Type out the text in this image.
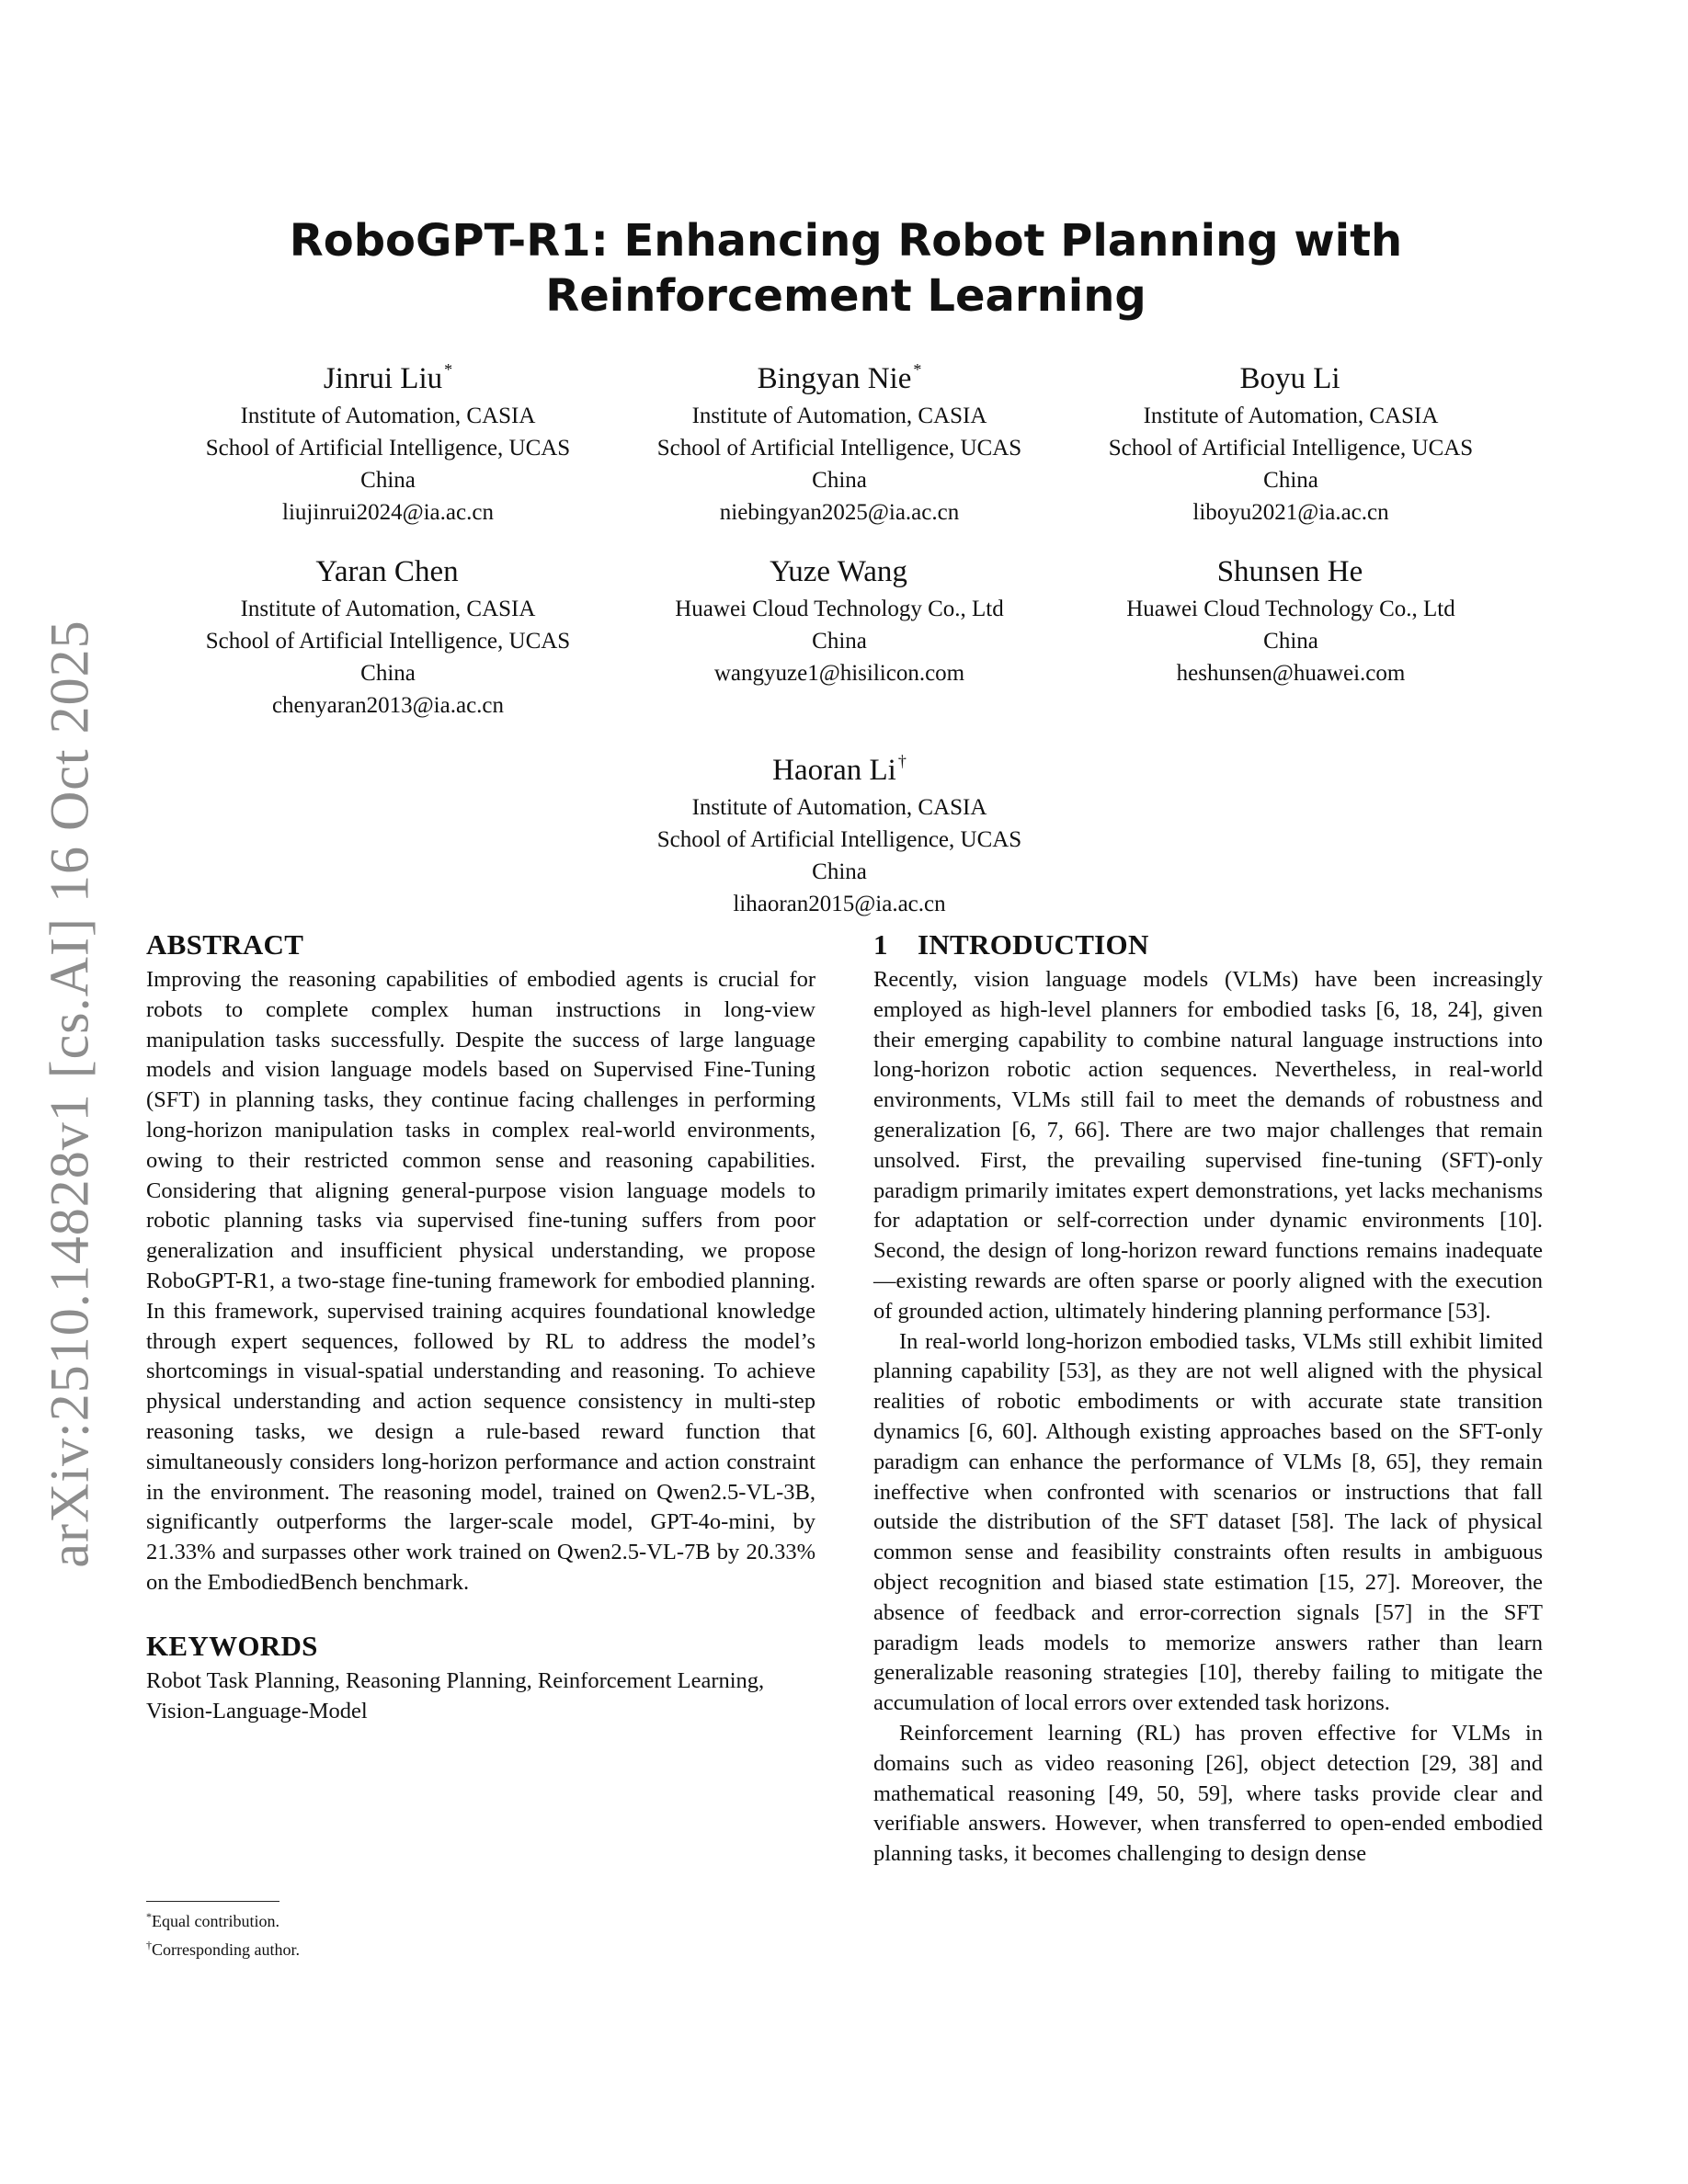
arXiv:2510.14828v1 [cs.AI] 16 Oct 2025
RoboGPT-R1: Enhancing Robot Planning with Reinforcement Learning
Jinrui Liu *
Institute of Automation, CASIA
School of Artificial Intelligence, UCAS
China
liujinrui2024@ia.ac.cn
Bingyan Nie *
Institute of Automation, CASIA
School of Artificial Intelligence, UCAS
China
niebingyan2025@ia.ac.cn
Boyu Li
Institute of Automation, CASIA
School of Artificial Intelligence, UCAS
China
liboyu2021@ia.ac.cn
Yaran Chen
Institute of Automation, CASIA
School of Artificial Intelligence, UCAS
China
chenyaran2013@ia.ac.cn
Yuze Wang
Huawei Cloud Technology Co., Ltd
China
wangyuze1@hisilicon.com
Shunsen He
Huawei Cloud Technology Co., Ltd
China
heshunsen@huawei.com
Haoran Li †
Institute of Automation, CASIA
School of Artificial Intelligence, UCAS
China
lihaoran2015@ia.ac.cn
ABSTRACT

Improving the reasoning capabilities of embodied agents is crucial for robots to complete complex human instructions in long-view manipulation tasks successfully. Despite the success of large language models and vision language models based on Supervised Fine-Tuning (SFT) in planning tasks, they continue facing challenges in performing long-horizon manipulation tasks in complex real-world environments, owing to their restricted common sense and reasoning capabilities. Considering that aligning general-purpose vision language models to robotic planning tasks via supervised fine-tuning suffers from poor generalization and insufficient physical understanding, we propose RoboGPT-R1, a two-stage fine-tuning framework for embodied planning. In this framework, supervised training acquires foundational knowledge through expert sequences, followed by RL to address the model’s shortcomings in visual-spatial understanding and reasoning. To achieve physical understanding and action sequence consistency in multi-step reasoning tasks, we design a rule-based reward function that simultaneously considers long-horizon performance and action constraint in the environment. The reasoning model, trained on Qwen2.5-VL-3B, significantly outperforms the larger-scale model, GPT-4o-mini, by 21.33% and surpasses other work trained on Qwen2.5-VL-7B by 20.33% on the EmbodiedBench benchmark.

KEYWORDS

Robot Task Planning, Reasoning Planning, Reinforcement Learning, Vision-Language-Model

*Equal contribution.
†Corresponding author.
1    INTRODUCTION

Recently, vision language models (VLMs) have been increasingly employed as high-level planners for embodied tasks [6, 18, 24], given their emerging capability to combine natural language instructions into long-horizon robotic action sequences. Nevertheless, in real-world environments, VLMs still fail to meet the demands of robustness and generalization [6, 7, 66]. There are two major challenges that remain unsolved. First, the prevailing supervised fine-tuning (SFT)-only paradigm primarily imitates expert demonstrations, yet lacks mechanisms for adaptation or self-correction under dynamic environments [10]. Second, the design of long-horizon reward functions remains inadequate—existing rewards are often sparse or poorly aligned with the execution of grounded action, ultimately hindering planning performance [53].

In real-world long-horizon embodied tasks, VLMs still exhibit limited planning capability [53], as they are not well aligned with the physical realities of robotic embodiments or with accurate state transition dynamics [6, 60]. Although existing approaches based on the SFT-only paradigm can enhance the performance of VLMs [8, 65], they remain ineffective when confronted with scenarios or instructions that fall outside the distribution of the SFT dataset [58]. The lack of physical common sense and feasibility constraints often results in ambiguous object recognition and biased state estimation [15, 27]. Moreover, the absence of feedback and error-correction signals [57] in the SFT paradigm leads models to memorize answers rather than learn generalizable reasoning strategies [10], thereby failing to mitigate the accumulation of local errors over extended task horizons.

Reinforcement learning (RL) has proven effective for VLMs in domains such as video reasoning [26], object detection [29, 38] and mathematical reasoning [49, 50, 59], where tasks provide clear and verifiable answers. However, when transferred to open-ended embodied planning tasks, it becomes challenging to design dense
